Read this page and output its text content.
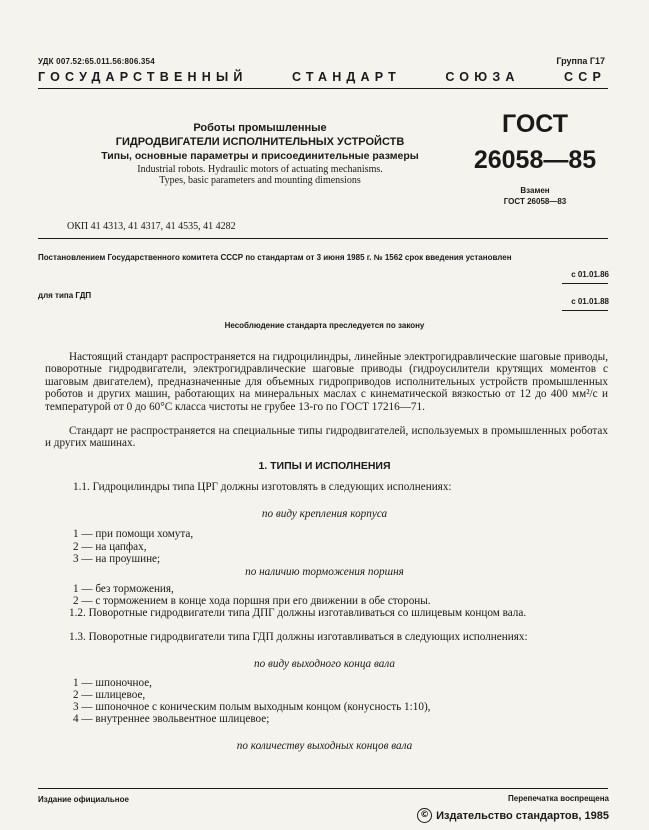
УДК 007.52:65.011.56:806.354	Группа Г17
ГОСУДАРСТВЕННЫЙ	СТАНДАРТ	СОЮЗА	ССР

Роботы промышленные

ГИДРОДВИГАТЕЛИ ИСПОЛНИТЕЛЬНЫХ УСТРОЙСТВ

Типы, основные параметры и присоединительные размеры

Industrial robots. Hydraulic motors of actuating mechanisms.

Types, basic parameters and mounting dimensions

ГОСТ
26058—85
Взамен
ГОСТ 26058—83
ОКП 41 4313, 41 4317, 41 4535, 41 4282
Постановлением Государственного комитета СССР по стандартам от 3 июня 1985 г. № 1562 срок введения установлен
с 01.01.86
для типа ГДП
с 01.01.88
Несоблюдение стандарта преследуется по закону
Настоящий стандарт распространяется на гидроцилиндры, линейные электрогидравлические шаговые приводы, поворотные гидродвигатели, электрогидравлические шаговые приводы (гидроусилители крутящих моментов с шаговым двигателем), предназначенные для объемных гидроприводов исполнительных устройств промышленных роботов и других машин, работающих на минеральных маслах с кинематической вязкостью от 12 до 400 мм²/с и температурой от 0 до 60°С класса чистоты не грубее 13-го по ГОСТ 17216—71.
Стандарт не распространяется на специальные типы гидродвигателей, используемых в промышленных роботах и других машинах.
1. ТИПЫ И ИСПОЛНЕНИЯ
1.1. Гидроцилиндры типа ЦРГ должны изготовлять в следующих исполнениях:
по виду крепления корпуса
1 — при помощи хомута,
2 — на цапфах,
3 — на проушине;
по наличию торможения поршня
1 — без торможения,
2 — с торможением в конце хода поршня при его движении в обе стороны.
1.2. Поворотные гидродвигатели типа ДПГ должны изготавливаться со шлицевым концом вала.
1.3. Поворотные гидродвигатели типа ГДП должны изготавливаться в следующих исполнениях:
по виду выходного конца вала
1 — шпоночное,
2 — шлицевое,
3 — шпоночное с коническим полым выходным концом (конусность 1:10),
4 — внутреннее эвольвентное шлицевое;
по количеству выходных концов вала
Издание официальное	Перепечатка воспрещена
© Издательство стандартов, 1985
